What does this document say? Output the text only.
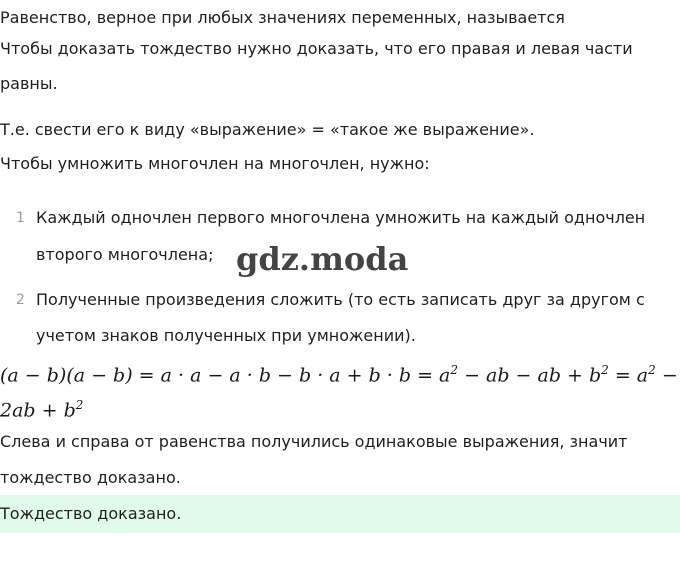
Равенство, верное при любых значениях переменных, называется
Чтобы доказать тождество нужно доказать, что его правая и левая части
равны.
Т.е. свести его к виду «выражение» = «такое же выражение».
Чтобы умножить многочлен на многочлен, нужно:
1 Каждый одночлен первого многочлена умножить на каждый одночлен
второго многочлена; gdz.moda
2 Полученные произведения сложить (то есть записать друг за другом с
учетом знаков полученных при умножении).
$(a - b)(a - b) = a \cdot a - a \cdot b - b \cdot a + b \cdot b = a^2$ − ab − ab + $b^2 = a^2$ −
$2ab + b^2$
Слева и справа от равенства получились одинаковые выражения, значит
тождество доказано.
Тождество доказано.
